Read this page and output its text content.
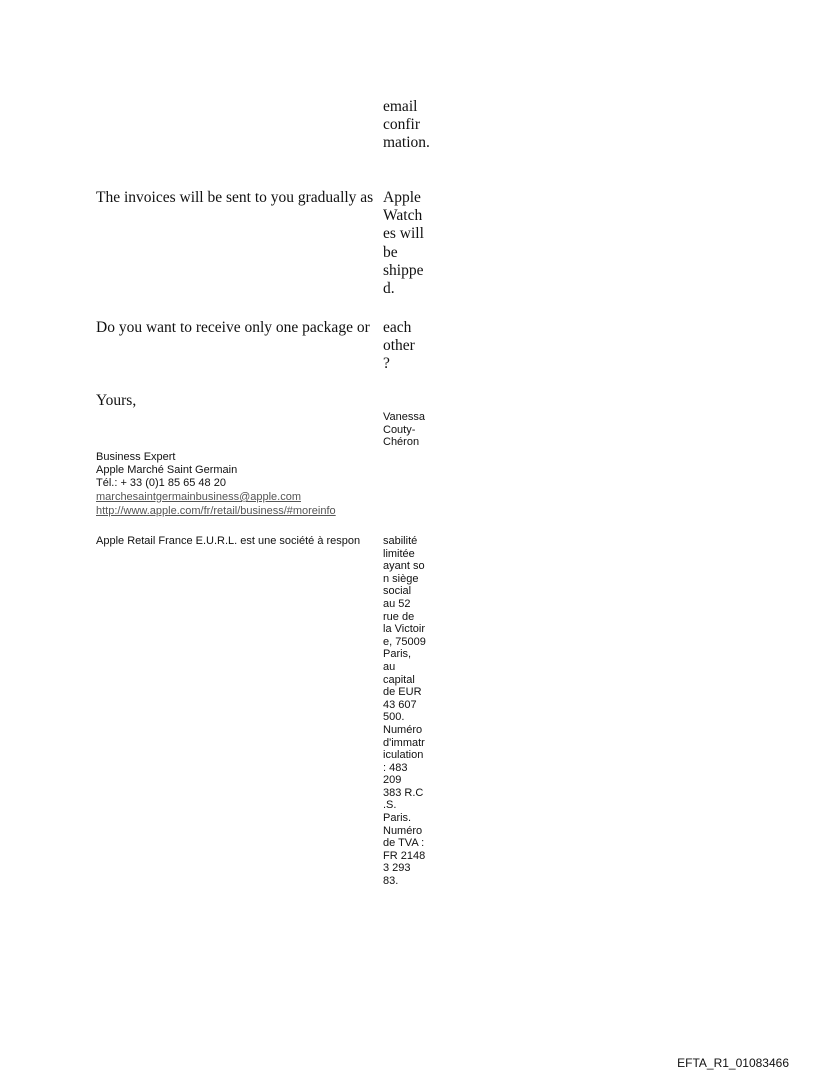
email
confir
mation.
The invoices will be sent to you gradually as Apple
Watch
es will
be
shippe
d.
Do you want to receive only one package or each
other
?
Yours,
Vanessa
Couty-
Chéron
Business Expert
Apple Marché Saint Germain
Tél.: + 33 (0)1 85 65 48 20
marchesaintgermainbusiness@apple.com
http://www.apple.com/fr/retail/business/#moreinfo
Apple Retail France E.U.R.L. est une société à respon sabilité
limitée
ayant so
n siège
social
au 52
rue de
la Victoir
e, 75009
Paris,
au
capital
de EUR
43 607
500.
Numéro
d'immatr
iculation
: 483
209
383 R.C
.S.
Paris.
Numéro
de TVA :
FR 2148
3 293
83.
EFTA_R1_01083466
